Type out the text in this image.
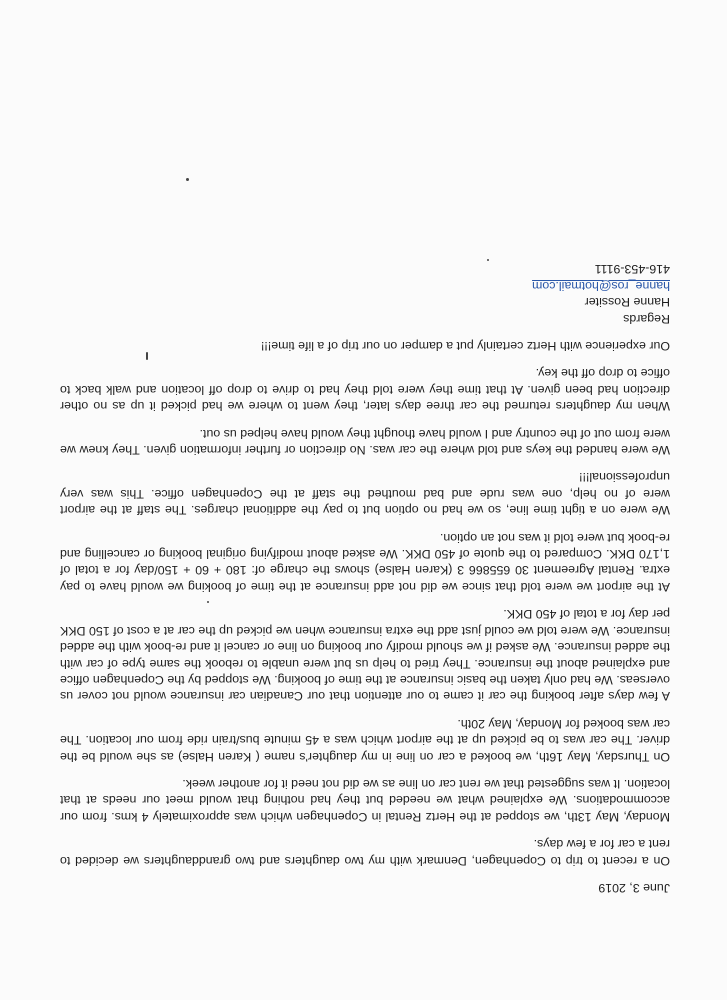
June 3, 2019
On a recent to trip to Copenhagen, Denmark with my two daughters and two granddaughters we decided to rent a car for a few days.
Monday, May 13th, we stopped at the Hertz Rental in Copenhagen which was approximately 4 kms. from our accommodations. We explained what we needed but they had nothing that would meet our needs at that location. It was suggested that we rent car on line as we did not need it for another week.
On Thursday, May 16th, we booked a car on line in my daughter's name ( Karen Halse) as she would be the driver. The car was to be picked up at the airport which was a 45 minute bus/train ride from our location. The car was booked for Monday, May 20th.
A few days after booking the car it came to our attention that our Canadian car insurance would not cover us overseas. We had only taken the basic insurance at the time of booking. We stopped by the Copenhagen office and explained about the insurance. They tried to help us but were unable to rebook the same type of car with the added insurance. We asked if we should modify our booking on line or cancel it and re-book with the added insurance. We were told we could just add the extra insurance when we picked up the car at a cost of 150 DKK per day for a total of 450 DKK.
At the airport we were told that since we did not add insurance at the time of booking we would have to pay extra. Rental Agreement 30 655866 3 (Karen Halse) shows the charge of: 180 + 60 + 150/day for a total of 1,170 DKK. Compared to the quote of 450 DKK. We asked about modifying original booking or cancelling and re-book but were told it was not an option.
We were on a tight time line, so we had no option but to pay the additional charges. The staff at the airport were of no help, one was rude and bad mouthed the staff at the Copenhagen office. This was very unprofessional!!!
We were handed the keys and told where the car was. No direction or further information given. They knew we were from out of the country and I would have thought they would have helped us out.
When my daughters returned the car three days later, they went to where we had picked it up as no other direction had been given. At that time they were told they had to drive to drop off location and walk back to office to drop off the key.
Our experience with Hertz certainly put a damper on our trip of a life time!!!
Regards
Hanne Rossiter
hanne_ros@hotmail.com
416-453-9111
